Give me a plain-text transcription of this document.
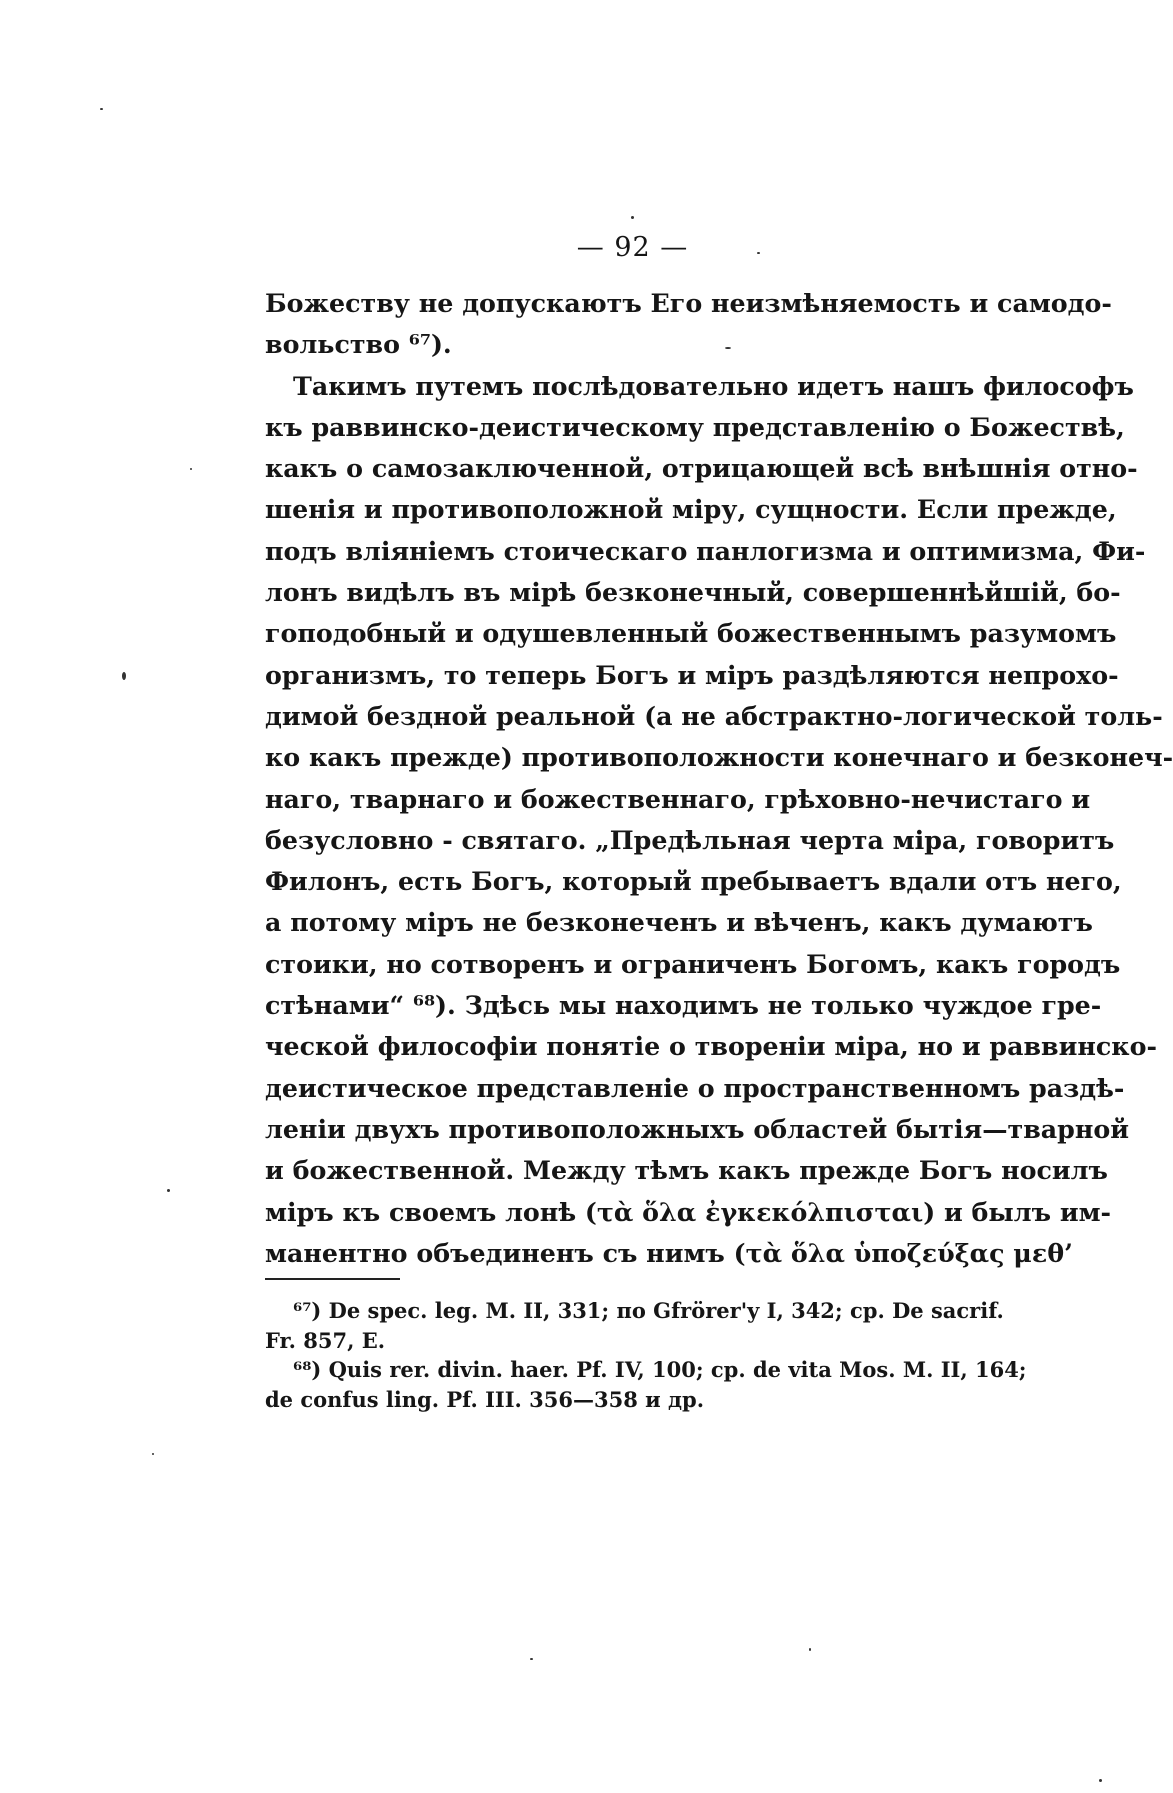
— 92 —
Божеству не допускаютъ Его неизмѣняемость и самодо-
вольство ⁶⁷).
Такимъ путемъ послѣдовательно идетъ нашъ философъ
къ раввинско-деистическому представленію о Божествѣ,
какъ о самозаключенной, отрицающей всѣ внѣшнія отно-
шенія и противоположной міру, сущности. Если прежде,
подъ вліяніемъ стоическаго панлогизма и оптимизма, Фи-
лонъ видѣлъ въ мірѣ безконечный, совершеннѣйшій, бо-
гоподобный и одушевленный божественнымъ разумомъ
организмъ, то теперь Богъ и міръ раздѣляются непрохо-
димой бездной реальной (а не абстрактно-логической толь-
ко какъ прежде) противоположности конечнаго и безконеч-
наго, тварнаго и божественнаго, грѣховно-нечистаго и
безусловно - святаго. „Предѣльная черта міра, говоритъ
Филонъ, есть Богъ, который пребываетъ вдали отъ него,
а потому міръ не безконеченъ и вѣченъ, какъ думаютъ
стоики, но сотворенъ и ограниченъ Богомъ, какъ городъ
стѣнами“ ⁶⁸). Здѣсь мы находимъ не только чуждое гре-
ческой философіи понятіе о твореніи міра, но и раввинско-
деистическое представленіе о пространственномъ раздѣ-
леніи двухъ противоположныхъ областей бытія—тварной
и божественной. Между тѣмъ какъ прежде Богъ носилъ
міръ къ своемъ лонѣ (τὰ ὅλα ἐγκεκόλπισται) и былъ им-
манентно объединенъ съ нимъ (τὰ ὅλα ὑποζεύξας μεθ’
⁶⁷) De spec. leg. M. II, 331; по Gfrörer'y I, 342; ср. De sacrif.
Fr. 857, E.
⁶⁸) Quis rer. divin. haer. Pf. IV, 100; ср. de vita Mos. M. II, 164;
de confus ling. Pf. III. 356—358 и др.
